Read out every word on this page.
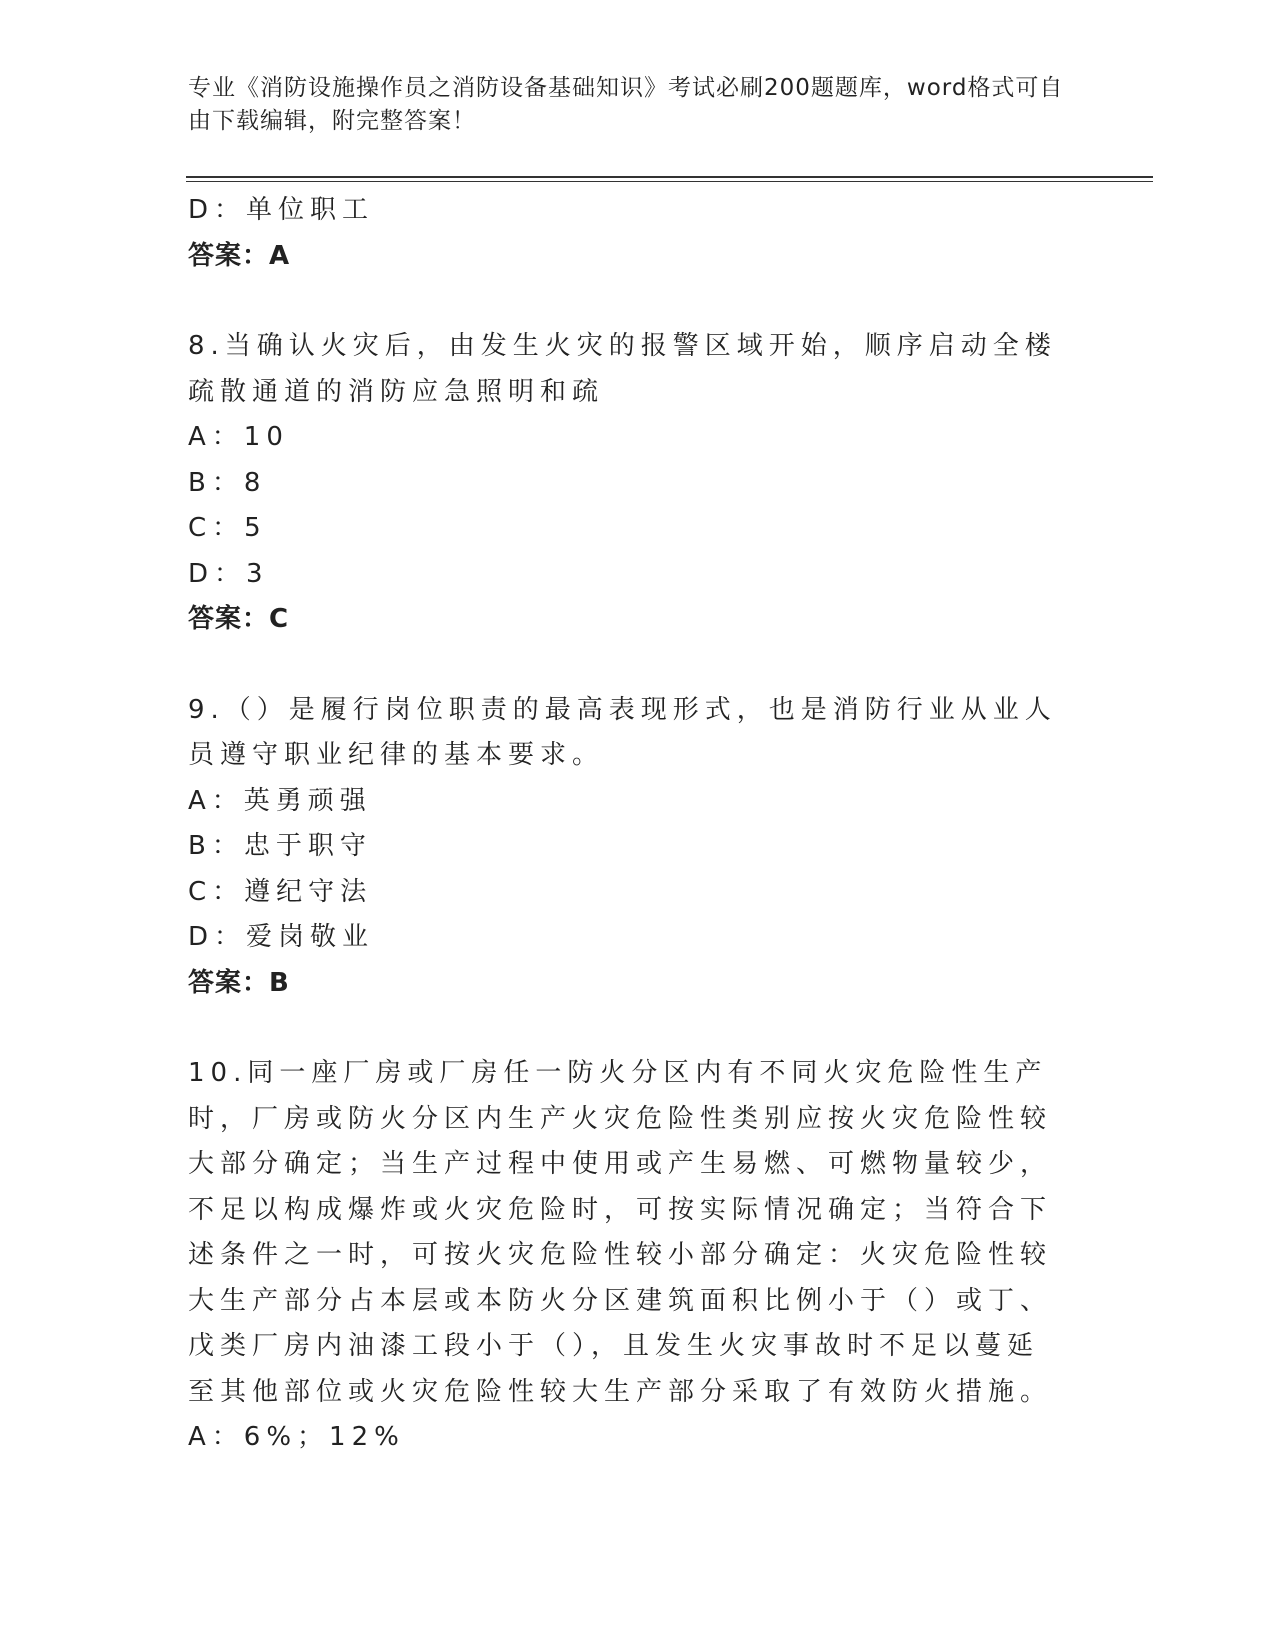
专业《消防设施操作员之消防设备基础知识》考试必刷200题题库，word格式可自由下载编辑，附完整答案！
D：单位职工
答案：A
8.当确认火灾后，由发生火灾的报警区域开始，顺序启动全楼疏散通道的消防应急照明和疏
A：10
B：8
C：5
D：3
答案：C
9.（）是履行岗位职责的最高表现形式，也是消防行业从业人员遵守职业纪律的基本要求。
A：英勇顽强
B：忠于职守
C：遵纪守法
D：爱岗敬业
答案：B
10.同一座厂房或厂房任一防火分区内有不同火灾危险性生产时，厂房或防火分区内生产火灾危险性类别应按火灾危险性较大部分确定；当生产过程中使用或产生易燃、可燃物量较少，不足以构成爆炸或火灾危险时，可按实际情况确定；当符合下述条件之一时，可按火灾危险性较小部分确定：火灾危险性较大生产部分占本层或本防火分区建筑面积比例小于（）或丁、戊类厂房内油漆工段小于（），且发生火灾事故时不足以蔓延至其他部位或火灾危险性较大生产部分采取了有效防火措施。
A：6%；12%
